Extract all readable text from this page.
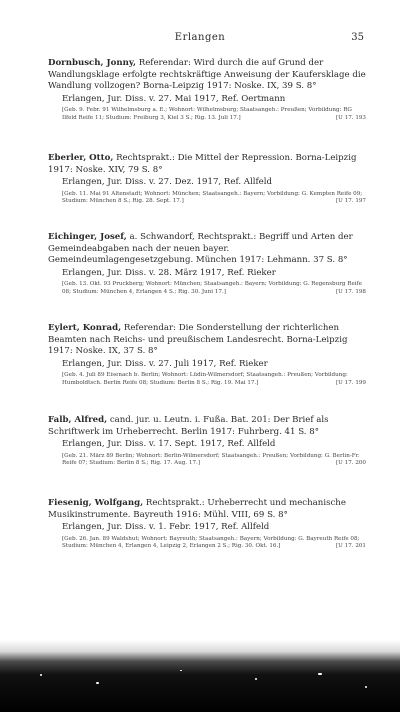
Erlangen	35
Dornbusch, Jonny, Referendar: Wird durch die auf Grund der Wandlungsklage erfolgte rechtskräftige Anweisung der Kaufersklage die Wandlung vollzogen? Borna-Leipzig 1917: Noske. IX, 39 S. 8°
Erlangen, Jur. Diss. v. 27. Mai 1917, Ref. Oertmann
[Geb. 9. Febr. 91 Wilhelmsburg a. E.; Wohnort: Wilhelmsburg; Staatsangeh.: Preußen; Vorbildung: RG Ilfeld Reife 11; Studium: Freiburg 3, Kiel 3 S.; Rig. 13. Juli 17.]	[U 17. 193
Eberler, Otto, Rechtsprakt.: Die Mittel der Repression. Borna-Leipzig 1917: Noske. XIV, 79 S. 8°
Erlangen, Jur. Diss. v. 27. Dez. 1917, Ref. Allfeld
[Geb. 11. Mai 91 Altenstadt; Wohnort: München; Staatsangeh.: Bayern; Vorbildung: G. Kempten Reife 09; Studium: München 8 S.; Rig. 28. Sept. 17.]	[U 17. 197
Eichinger, Josef, a. Schwandorf, Rechtsprakt.: Begriff und Arten der Gemeindeabgaben nach der neuen bayer. Gemeindeumlagengesetzgebung. München 1917: Lehmann. 37 S. 8°
Erlangen, Jur. Diss. v. 28. März 1917, Ref. Rieker
[Geb. 13. Okt. 93 Pruckberg; Wohnort: München; Staatsangeh.: Bayern; Vorbildung: G. Regensburg Reife 08; Studium: München 4, Erlangen 4 S.; Rig. 30. Juni 17.]	[U 17. 198
Eylert, Konrad, Referendar: Die Sonderstellung der richterlichen Beamten nach Reichs- und preußischem Landesrecht. Borna-Leipzig 1917: Noske. IX, 37 S. 8°
Erlangen, Jur. Diss. v. 27. Juli 1917, Ref. Rieker
[Geb. 4. Juli 89 Eisenach b. Berlin; Wohnort: Lüdin-Wilmersdorf; Staatsangeh.: Preußen; Vorbildung: Humboldtsch. Berlin Reife 08; Studium: Berlin 8 S.; Rig. 19. Mai 17.]	[U 17. 199
Falb, Alfred, cand. jur. u. Leutn. i. Fußa. Bat. 201: Der Brief als Schriftwerk im Urheberrecht. Berlin 1917: Fuhrberg. 41 S. 8°
Erlangen, Jur. Diss. v. 17. Sept. 1917, Ref. Allfeld
[Geb. 21. März 89 Berlin; Wohnort: Berlin-Wilmersdorf; Staatsangeh.: Preußen; Vorbildung: G. Berlin-Fr. Reife 07; Studium: Berlin 8 S.; Rig. 17. Aug. 17.]	[U 17. 200
Fiesenig, Wolfgang, Rechtsprakt.: Urheberrecht und mechanische Musikinstrumente. Bayreuth 1916: Mühl. VIII, 69 S. 8°
Erlangen, Jur. Diss. v. 1. Febr. 1917, Ref. Allfeld
[Geb. 26. Jan. 89 Waldshut; Wohnort: Bayreuth; Staatsangeh.: Bayern; Vorbildung: G. Bayreuth Reife 08; Studium: München 4, Erlangen 4, Leipzig 2, Erlangen 2 S.; Rig. 30. Okt. 16.]	[U 17. 201
